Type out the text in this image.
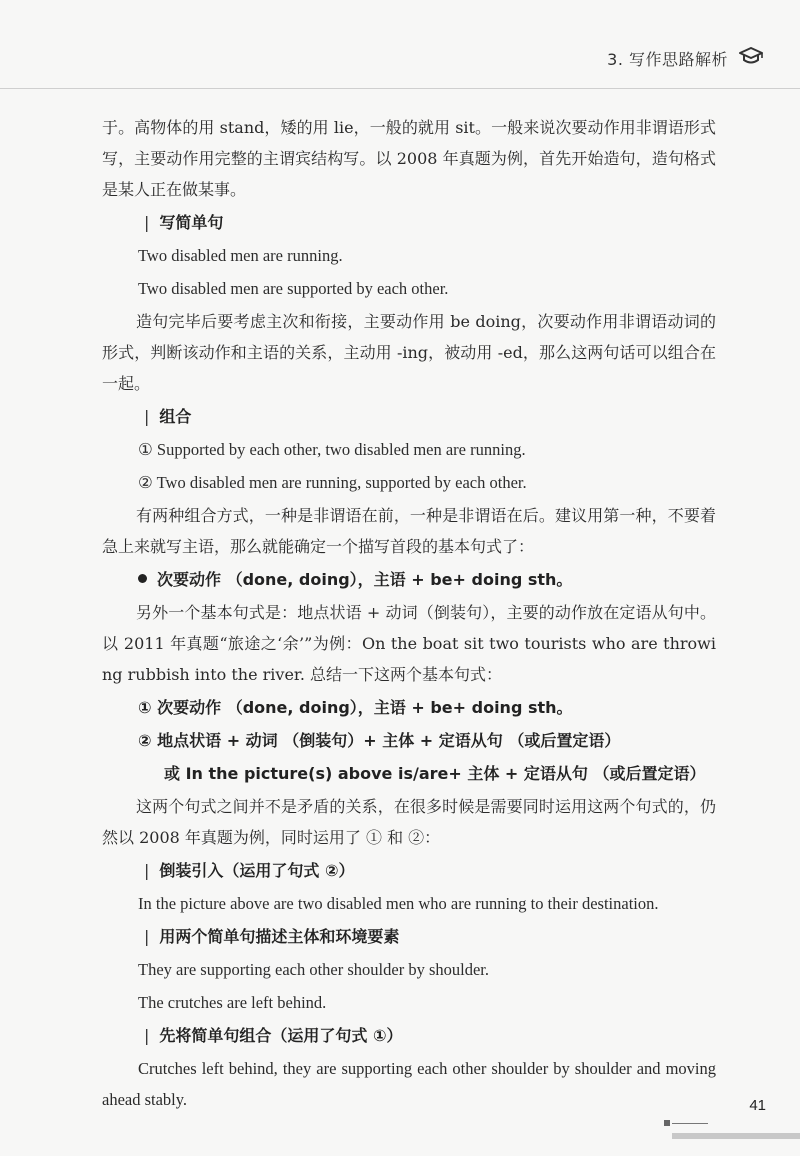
3. 写作思路解析

于。高物体的用 stand，矮的用 lie，一般的就用 sit。一般来说次要动作用非谓语形式写，主要动作用完整的主谓宾结构写。以 2008 年真题为例，首先开始造句，造句格式是某人正在做某事。

| 写简单句

Two disabled men are running.

Two disabled men are supported by each other.

造句完毕后要考虑主次和衔接，主要动作用 be doing，次要动作用非谓语动词的形式，判断该动作和主语的关系，主动用 -ing，被动用 -ed，那么这两句话可以组合在一起。

| 组合

① Supported by each other, two disabled men are running.

② Two disabled men are running, supported by each other.

有两种组合方式，一种是非谓语在前，一种是非谓语在后。建议用第一种，不要着急上来就写主语，那么就能确定一个描写首段的基本句式了：

次要动作 （done, doing），主语 + be+ doing sth。

另外一个基本句式是：地点状语 + 动词（倒装句），主要的动作放在定语从句中。以 2011 年真题“旅途之‘余’”为例：On the boat sit two tourists who are throwing rubbish into the river. 总结一下这两个基本句式：

① 次要动作 （done, doing），主语 + be+ doing sth。

② 地点状语 + 动词 （倒装句）+ 主体 + 定语从句 （或后置定语）

或 In the picture(s) above is/are+ 主体 + 定语从句 （或后置定语）

这两个句式之间并不是矛盾的关系，在很多时候是需要同时运用这两个句式的，仍然以 2008 年真题为例，同时运用了 ① 和 ②：

| 倒装引入（运用了句式 ②）

In the picture above are two disabled men who are running to their destination.

| 用两个简单句描述主体和环境要素

They are supporting each other shoulder by shoulder.

The crutches are left behind.

| 先将简单句组合（运用了句式 ①）

Crutches left behind, they are supporting each other shoulder by shoulder and moving ahead stably.	41
